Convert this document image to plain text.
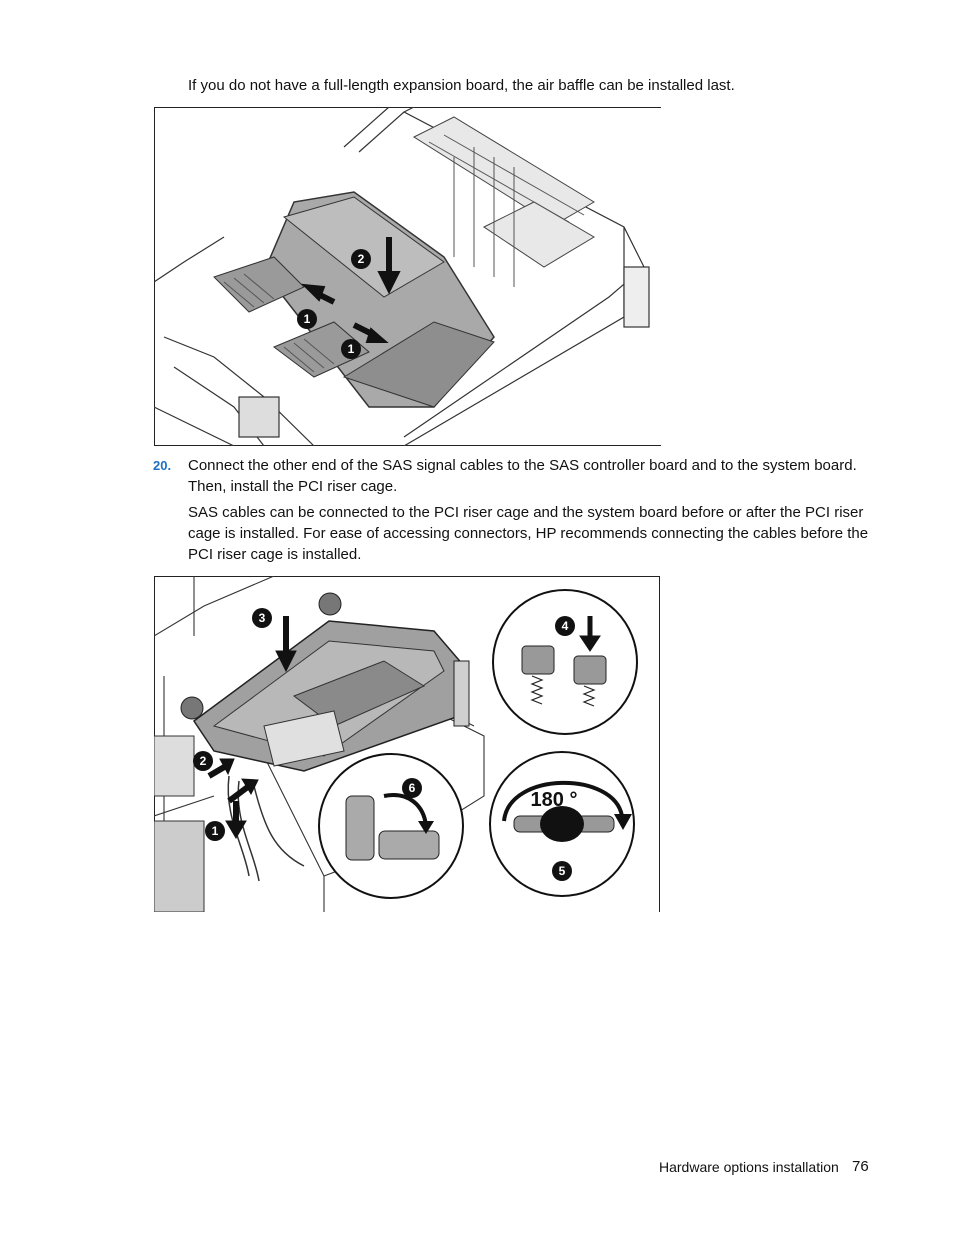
If you do not have a full-length expansion board, the air baffle can be installed last.
2
1
1
20. Connect the other end of the SAS signal cables to the SAS controller board and to the system board.
Then, install the PCI riser cage.
SAS cables can be connected to the PCI riser cage and the system board before or after the PCI riser
cage is installed. For ease of accessing connectors, HP recommends connecting the cables before the
PCI riser cage is installed.
3
2
1
4
6
180 °
5
Hardware options installation 76
